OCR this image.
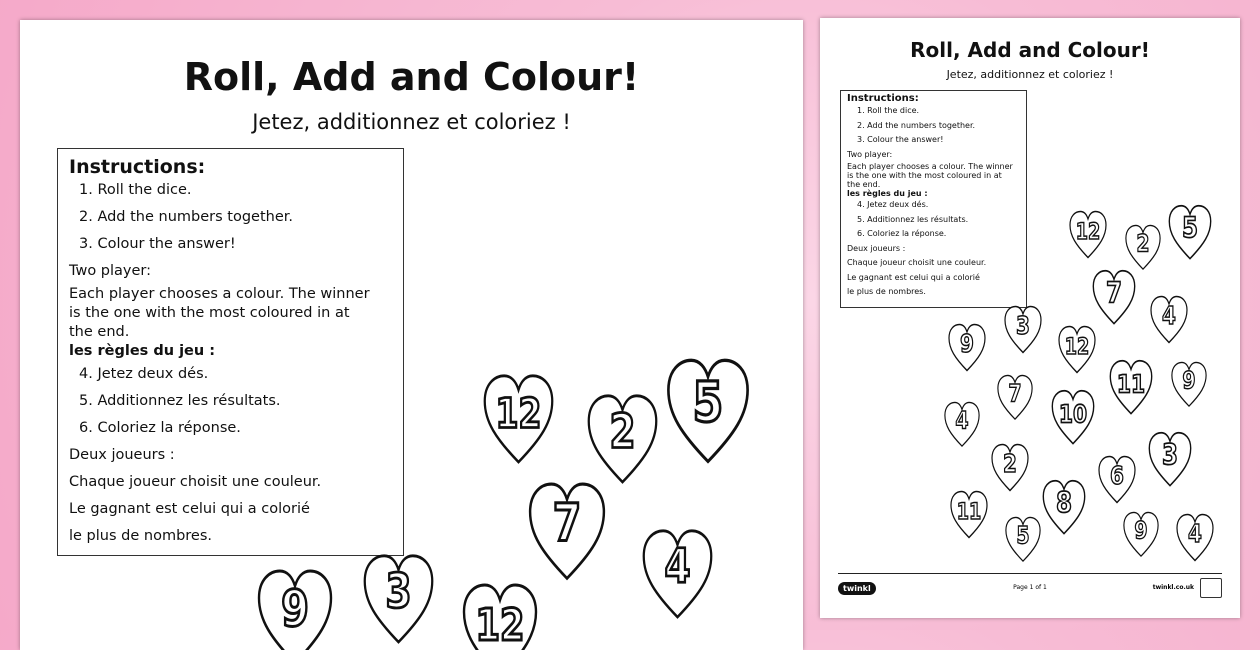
Roll, Add and Colour!
Jetez, additionnez et coloriez !
Instructions:
1. Roll the dice.
2. Add the numbers together.
3. Colour the answer!
Two player:
Each player chooses a colour. The winner
is the one with the most coloured in at
the end.
les règles du jeu :
4. Jetez deux dés.
5. Additionnez les résultats.
6. Coloriez la réponse.
Deux joueurs :
Chaque joueur choisit une couleur.
Le gagnant est celui qui a colorié
le plus de nombres.
12 2 5
7
4
9 3
12
Roll, Add and Colour!
Jetez, additionnez et coloriez !
Instructions:
1. Roll the dice.
2. Add the numbers together.
3. Colour the answer!
Two player:
Each player chooses a colour. The winner
is the one with the most coloured in at
the end.
les règles du jeu :
4. Jetez deux dés.
5. Additionnez les résultats.
6. Coloriez la réponse.
Deux joueurs :
Chaque joueur choisit une couleur.
Le gagnant est celui qui a colorié
le plus de nombres.
12 2 5
7
4
9
3
12
7
10
11 9
4
3
2 6
8
11
5 9 4
twinkl	Page 1 of 1	twinkl.co.uk
